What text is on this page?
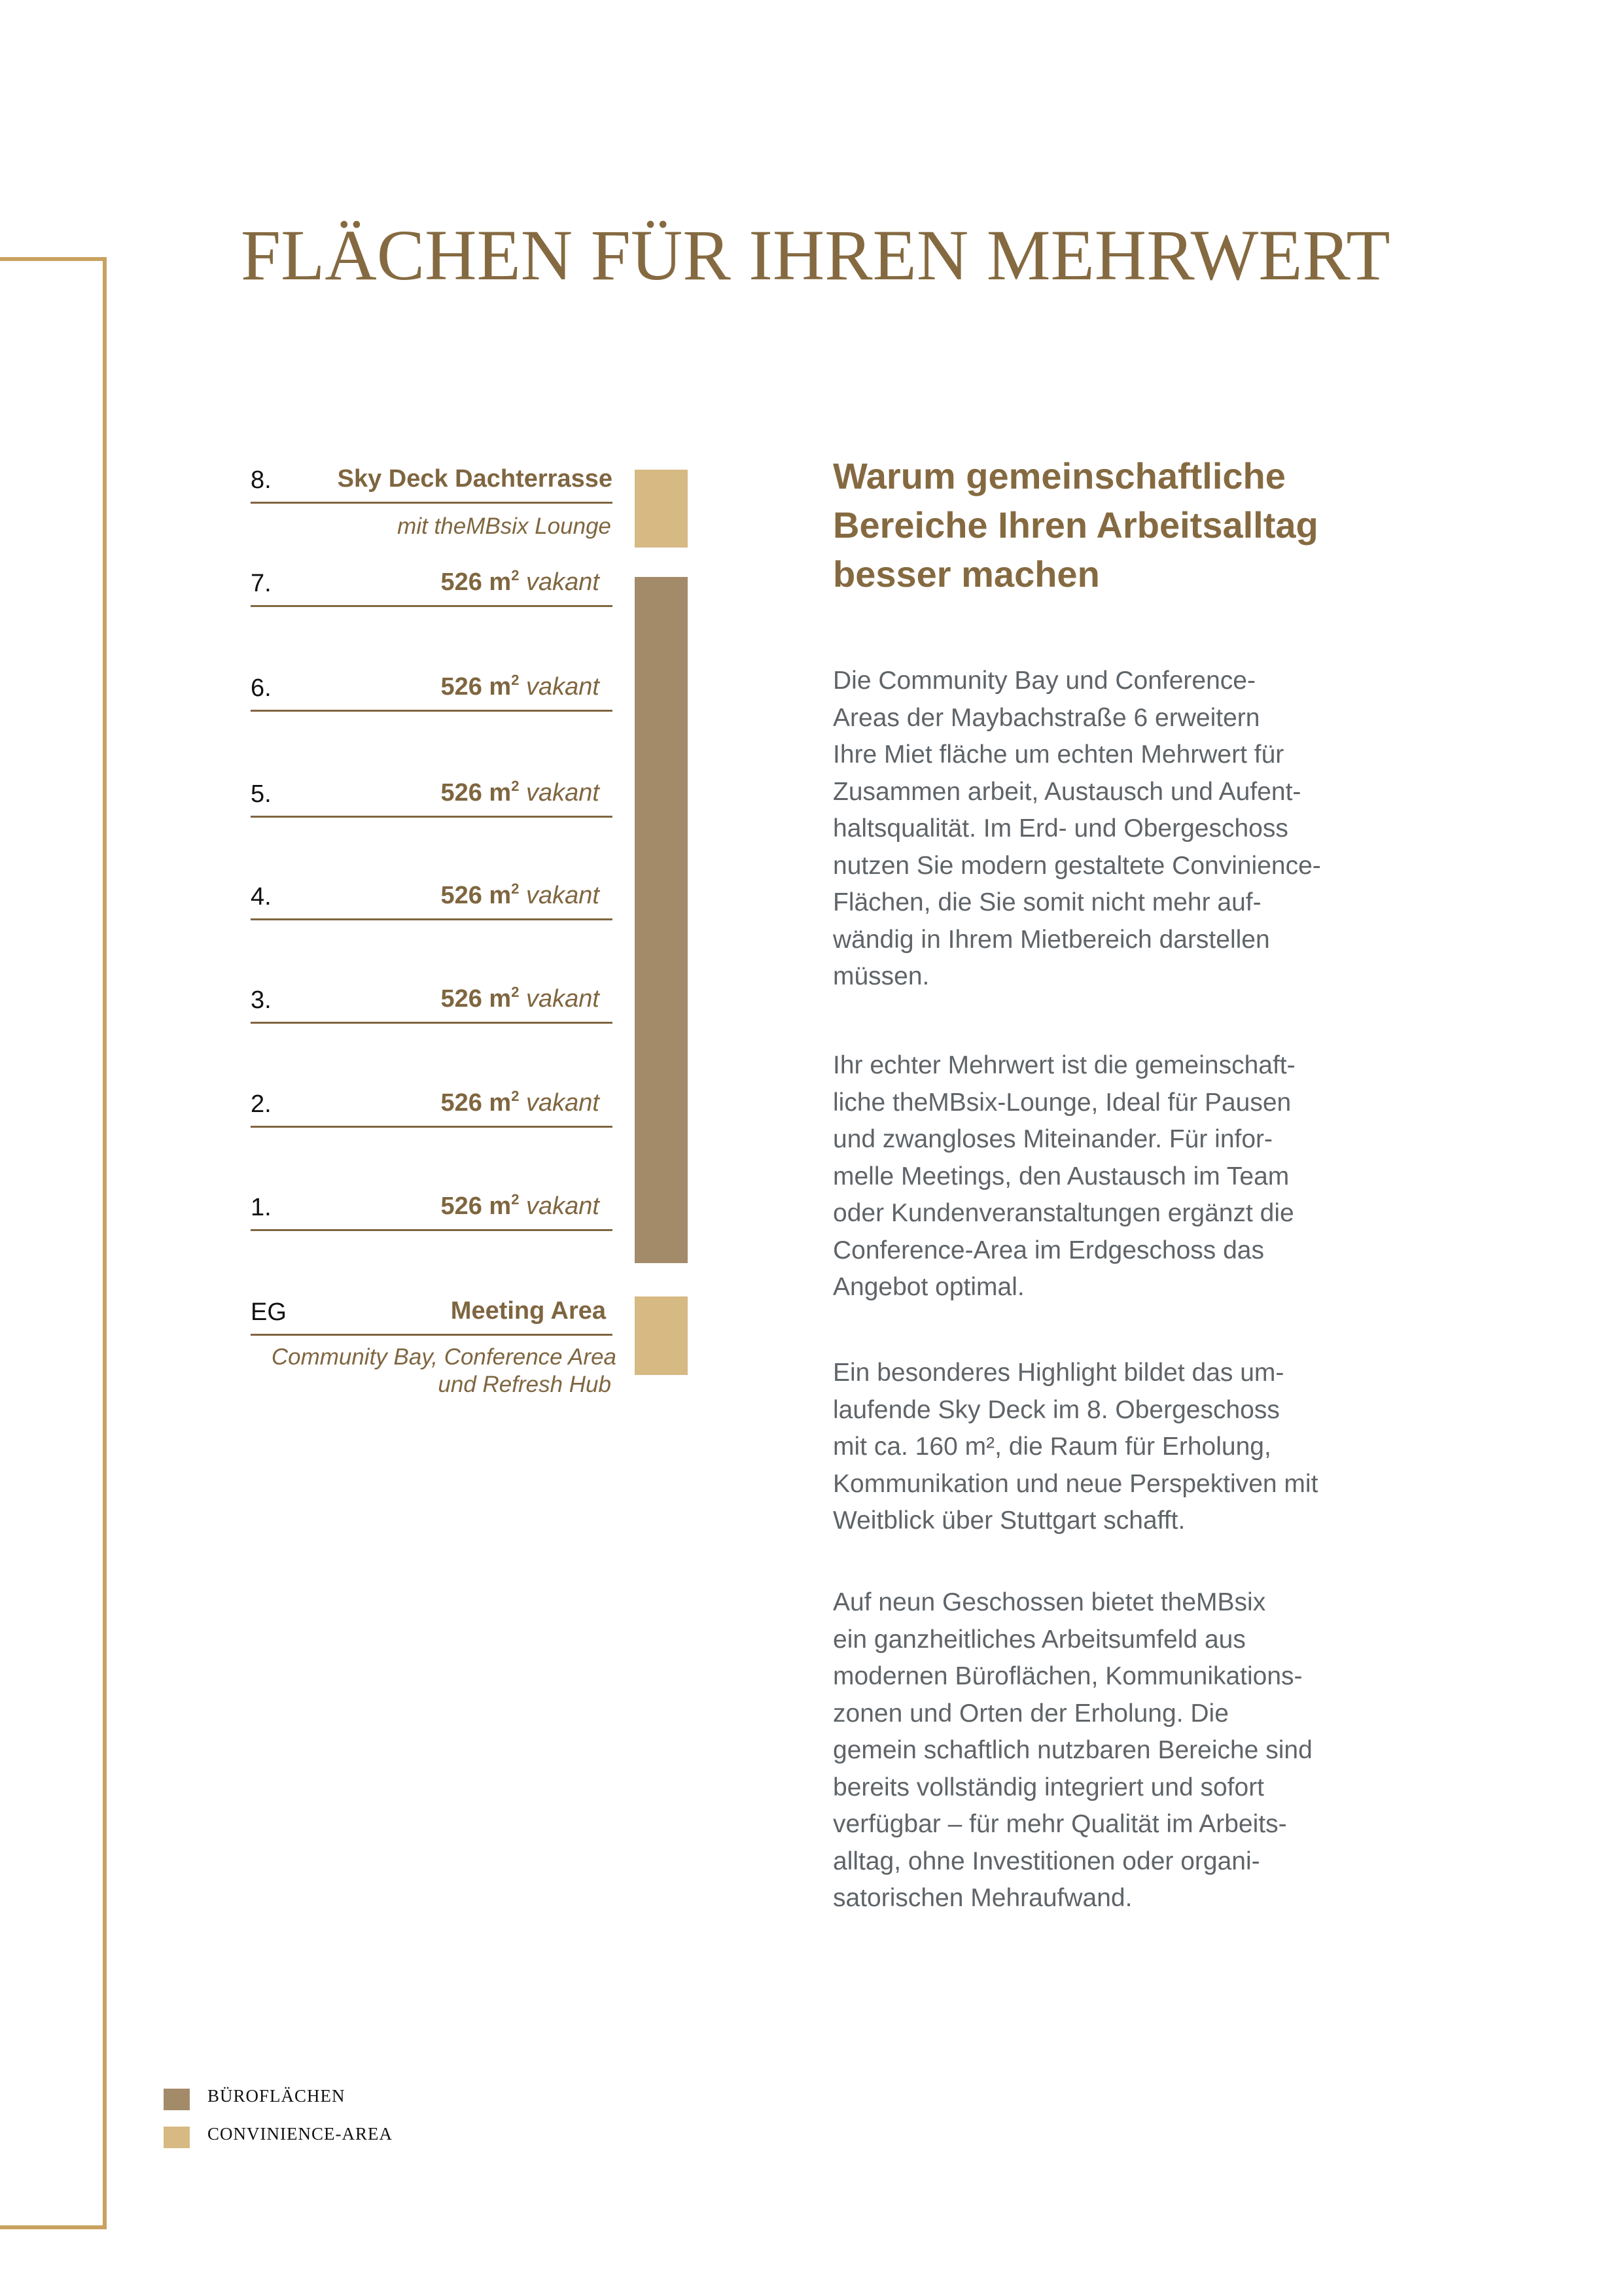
FLÄCHEN FÜR IHREN MEHRWERT
8.	Sky Deck Dachterrasse
mit theMBsix Lounge
7.	526 $m^2$ vakant
6.	526 $m^2$ vakant
5.	526 $m^2$ vakant
4.	526 $m^2$ vakant
3.	526 $m^2$ vakant
2.	526 $m^2$ vakant
1.	526 $m^2$ vakant
EG	Meeting Area
Community Bay, Conference Area
und Refresh Hub
Warum gemeinschaftliche
Bereiche Ihren Arbeitsalltag
besser machen
Die Community Bay und Conference-
Areas der Maybachstraße 6 erweitern
Ihre Miet fläche um echten Mehrwert für
Zusammen arbeit, Austausch und Aufent-
haltsqualität. Im Erd- und Obergeschoss
nutzen Sie modern gestaltete Convinience-
Flächen, die Sie somit nicht mehr auf-
wändig in Ihrem Mietbereich darstellen
müssen.
Ihr echter Mehrwert ist die gemeinschaft-
liche theMBsix-Lounge, Ideal für Pausen
und zwangloses Miteinander. Für infor-
melle Meetings, den Austausch im Team
oder Kundenveranstaltungen ergänzt die
Conference-Area im Erdgeschoss das
Angebot optimal.
Ein besonderes Highlight bildet das um-
laufende Sky Deck im 8. Obergeschoss
mit ca. 160 m², die Raum für Erholung,
Kommunikation und neue Perspektiven mit
Weitblick über Stuttgart schafft.
Auf neun Geschossen bietet theMBsix
ein ganzheitliches Arbeitsumfeld aus
modernen Büroflächen, Kommunikations-
zonen und Orten der Erholung. Die
gemein schaftlich nutzbaren Bereiche sind
bereits vollständig integriert und sofort
verfügbar – für mehr Qualität im Arbeits-
alltag, ohne Investitionen oder organi-
satorischen Mehraufwand.
BÜROFLÄCHEN
CONVINIENCE-AREA
